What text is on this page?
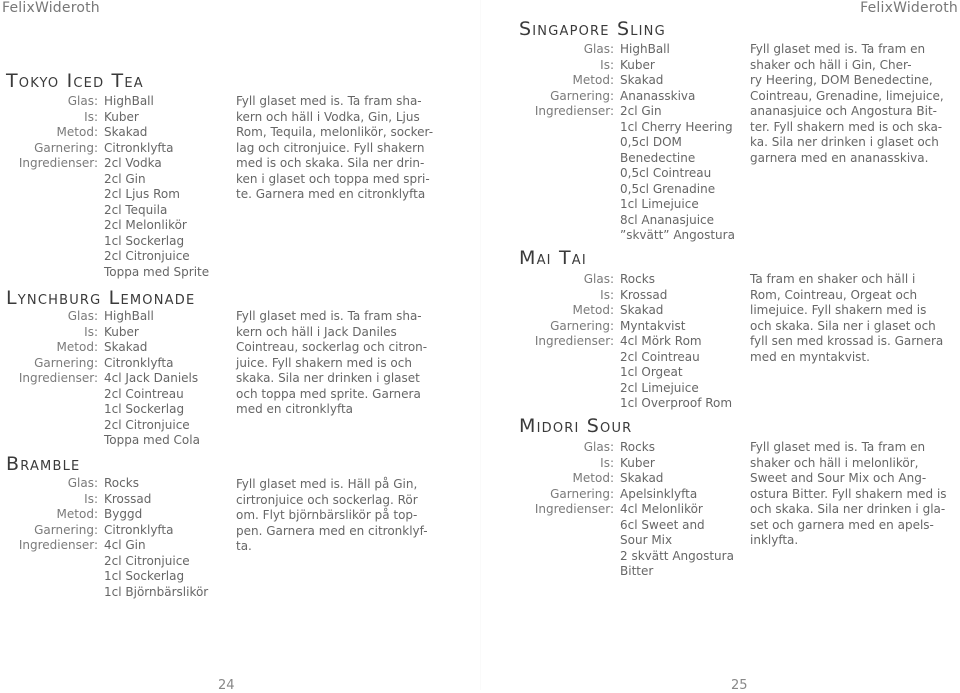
FelixWideroth
Tokyo Iced Tea
Glas: HighBall
Is: Kuber
Metod: Skakad
Garnering: Citronklyfta
Ingredienser: 2cl Vodka
2cl Gin
2cl Ljus Rom
2cl Tequila
2cl Melonlikör
1cl Sockerlag
2cl Citronjuice
Toppa med Sprite
Fyll glaset med is. Ta fram sha-
kern och häll i Vodka, Gin, Ljus
Rom, Tequila, melonlikör, socker-
lag och citronjuice. Fyll shakern
med is och skaka. Sila ner drin-
ken i glaset och toppa med spri-
te. Garnera med en citronklyfta
Lynchburg Lemonade
Glas: HighBall
Is: Kuber
Metod: Skakad
Garnering: Citronklyfta
Ingredienser: 4cl Jack Daniels
2cl Cointreau
1cl Sockerlag
2cl Citronjuice
Toppa med Cola
Fyll glaset med is. Ta fram sha-
kern och häll i Jack Daniles
Cointreau, sockerlag och citron-
juice. Fyll shakern med is och
skaka. Sila ner drinken i glaset
och toppa med sprite. Garnera
med en citronklyfta
Bramble
Glas: Rocks
Is: Krossad
Metod: Byggd
Garnering: Citronklyfta
Ingredienser: 4cl Gin
2cl Citronjuice
1cl Sockerlag
1cl Björnbärslikör
Fyll glaset med is. Häll på Gin,
cirtronjuice och sockerlag. Rör
om. Flyt björnbärslikör på top-
pen. Garnera med en citronklyf-
ta.
24
FelixWideroth
Singapore Sling
Glas: HighBall
Is: Kuber
Metod: Skakad
Garnering: Ananasskiva
Ingredienser: 2cl Gin
1cl Cherry Heering
0,5cl DOM
Benedectine
0,5cl Cointreau
0,5cl Grenadine
1cl Limejuice
8cl Ananasjuice
”skvätt” Angostura
Fyll glaset med is. Ta fram en
shaker och häll i Gin, Cher-
ry Heering, DOM Benedectine,
Cointreau, Grenadine, limejuice,
ananasjuice och Angostura Bit-
ter. Fyll shakern med is och ska-
ka. Sila ner drinken i glaset och
garnera med en ananasskiva.
Mai Tai
Glas: Rocks
Is: Krossad
Metod: Skakad
Garnering: Myntakvist
Ingredienser: 4cl Mörk Rom
2cl Cointreau
1cl Orgeat
2cl Limejuice
1cl Overproof Rom
Ta fram en shaker och häll i
Rom, Cointreau, Orgeat och
limejuice. Fyll shakern med is
och skaka. Sila ner i glaset och
fyll sen med krossad is. Garnera
med en myntakvist.
Midori Sour
Glas: Rocks
Is: Kuber
Metod: Skakad
Garnering: Apelsinklyfta
Ingredienser: 4cl Melonlikör
6cl Sweet and
Sour Mix
2 skvätt Angostura
Bitter
Fyll glaset med is. Ta fram en
shaker och häll i melonlikör,
Sweet and Sour Mix och Ang-
ostura Bitter. Fyll shakern med is
och skaka. Sila ner drinken i gla-
set och garnera med en apels-
inklyfta.
25
